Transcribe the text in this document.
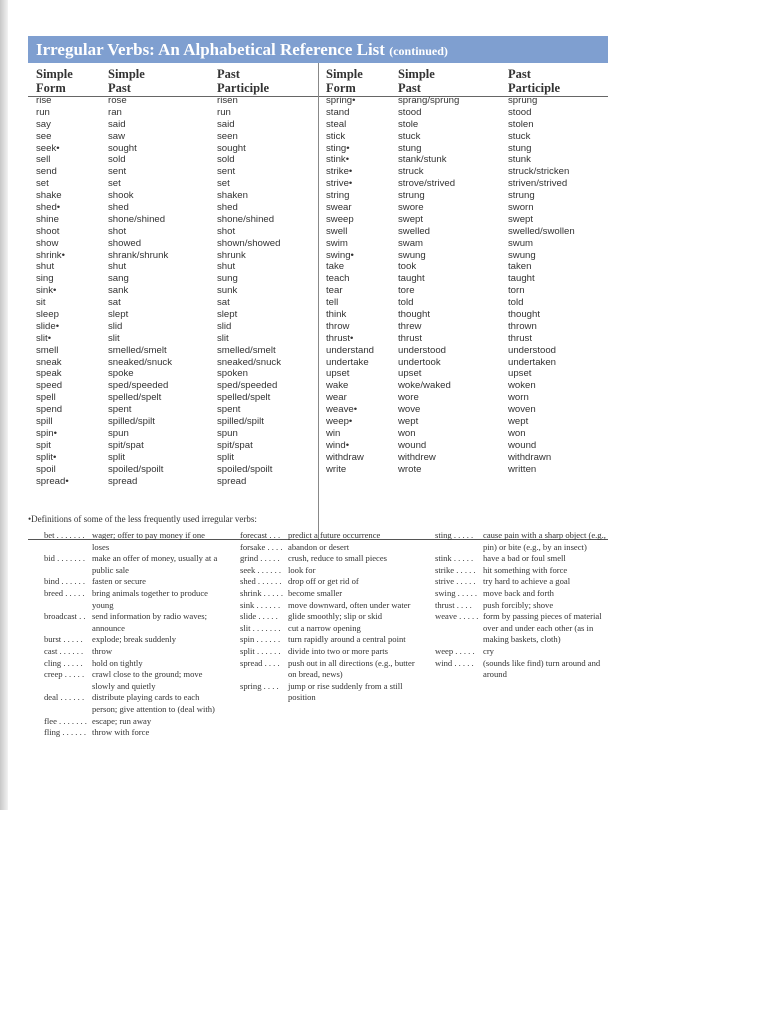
Irregular Verbs: An Alphabetical Reference List (continued)
Simple
Form
rise
run
say
see
seek•
sell
send
set
shake
shed•
shine
shoot
show
shrink•
shut
sing
sink•
sit
sleep
slide•
slit•
smell
sneak
speak
speed
spell
spend
spill
spin•
spit
split•
spoil
spread•
Simple
Past
rose
ran
said
saw
sought
sold
sent
set
shook
shed
shone/shined
shot
showed
shrank/shrunk
shut
sang
sank
sat
slept
slid
slit
smelled/smelt
sneaked/snuck
spoke
sped/speeded
spelled/spelt
spent
spilled/spilt
spun
spit/spat
split
spoiled/spoilt
spread
Past
Participle
risen
run
said
seen
sought
sold
sent
set
shaken
shed
shone/shined
shot
shown/showed
shrunk
shut
sung
sunk
sat
slept
slid
slit
smelled/smelt
sneaked/snuck
spoken
sped/speeded
spelled/spelt
spent
spilled/spilt
spun
spit/spat
split
spoiled/spoilt
spread
Simple
Form
spring•
stand
steal
stick
sting•
stink•
strike•
strive•
string
swear
sweep
swell
swim
swing•
take
teach
tear
tell
think
throw
thrust•
understand
undertake
upset
wake
wear
weave•
weep•
win
wind•
withdraw
write
Simple
Past
sprang/sprung
stood
stole
stuck
stung
stank/stunk
struck
strove/strived
strung
swore
swept
swelled
swam
swung
took
taught
tore
told
thought
threw
thrust
understood
undertook
upset
woke/waked
wore
wove
wept
won
wound
withdrew
wrote
Past
Participle
sprung
stood
stolen
stuck
stung
stunk
struck/stricken
striven/strived
strung
sworn
swept
swelled/swollen
swum
swung
taken
taught
torn
told
thought
thrown
thrust
understood
undertaken
upset
woken
worn
woven
wept
won
wound
withdrawn
written
•Definitions of some of the less frequently used irregular verbs:
bet . . . . . . . wager; offer to pay money if one loses
bid . . . . . . . make an offer of money, usually at a public sale
bind . . . . . . fasten or secure
breed . . . . . bring animals together to produce young
broadcast . . send information by radio waves; announce
burst . . . . . explode; break suddenly
cast . . . . . . throw
cling . . . . . hold on tightly
creep . . . . . crawl close to the ground; move slowly and quietly
deal . . . . . . distribute playing cards to each person; give attention to (deal with)
flee . . . . . . . escape; run away
fling . . . . . . throw with force
forecast . . . predict a future occurrence
forsake . . . . abandon or desert
grind . . . . . crush, reduce to small pieces
seek . . . . . . look for
shed . . . . . . drop off or get rid of
shrink . . . . . become smaller
sink . . . . . . move downward, often under water
slide . . . . . glide smoothly; slip or skid
slit . . . . . . . cut a narrow opening
spin . . . . . . turn rapidly around a central point
split . . . . . . divide into two or more parts
spread . . . . push out in all directions (e.g., butter on bread, news)
spring . . . . jump or rise suddenly from a still position
sting . . . . . cause pain with a sharp object (e.g., pin) or bite (e.g., by an insect)
stink . . . . . have a bad or foul smell
strike . . . . . hit something with force
strive . . . . . try hard to achieve a goal
swing . . . . . move back and forth
thrust . . . . push forcibly; shove
weave . . . . . form by passing pieces of material over and under each other (as in making baskets, cloth)
weep . . . . . cry
wind . . . . . (sounds like find) turn around and around
